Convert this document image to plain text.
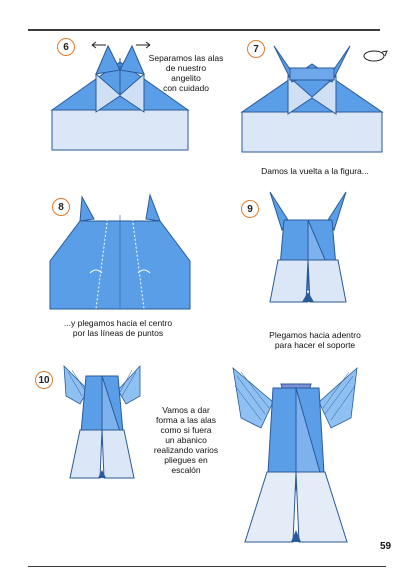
6
Separamos las alas
de nuestro
angelito
con cuidado
7
Damos la vuelta a la figura...
8
...y plegamos hacia el centro
por las líneas de puntos
9
Plegamos hacia adentro
para hacer el soporte
10
Vamos a dar
forma a las alas
como si fuera
un abanico
realizando varios
pliegues en
escalón
59
